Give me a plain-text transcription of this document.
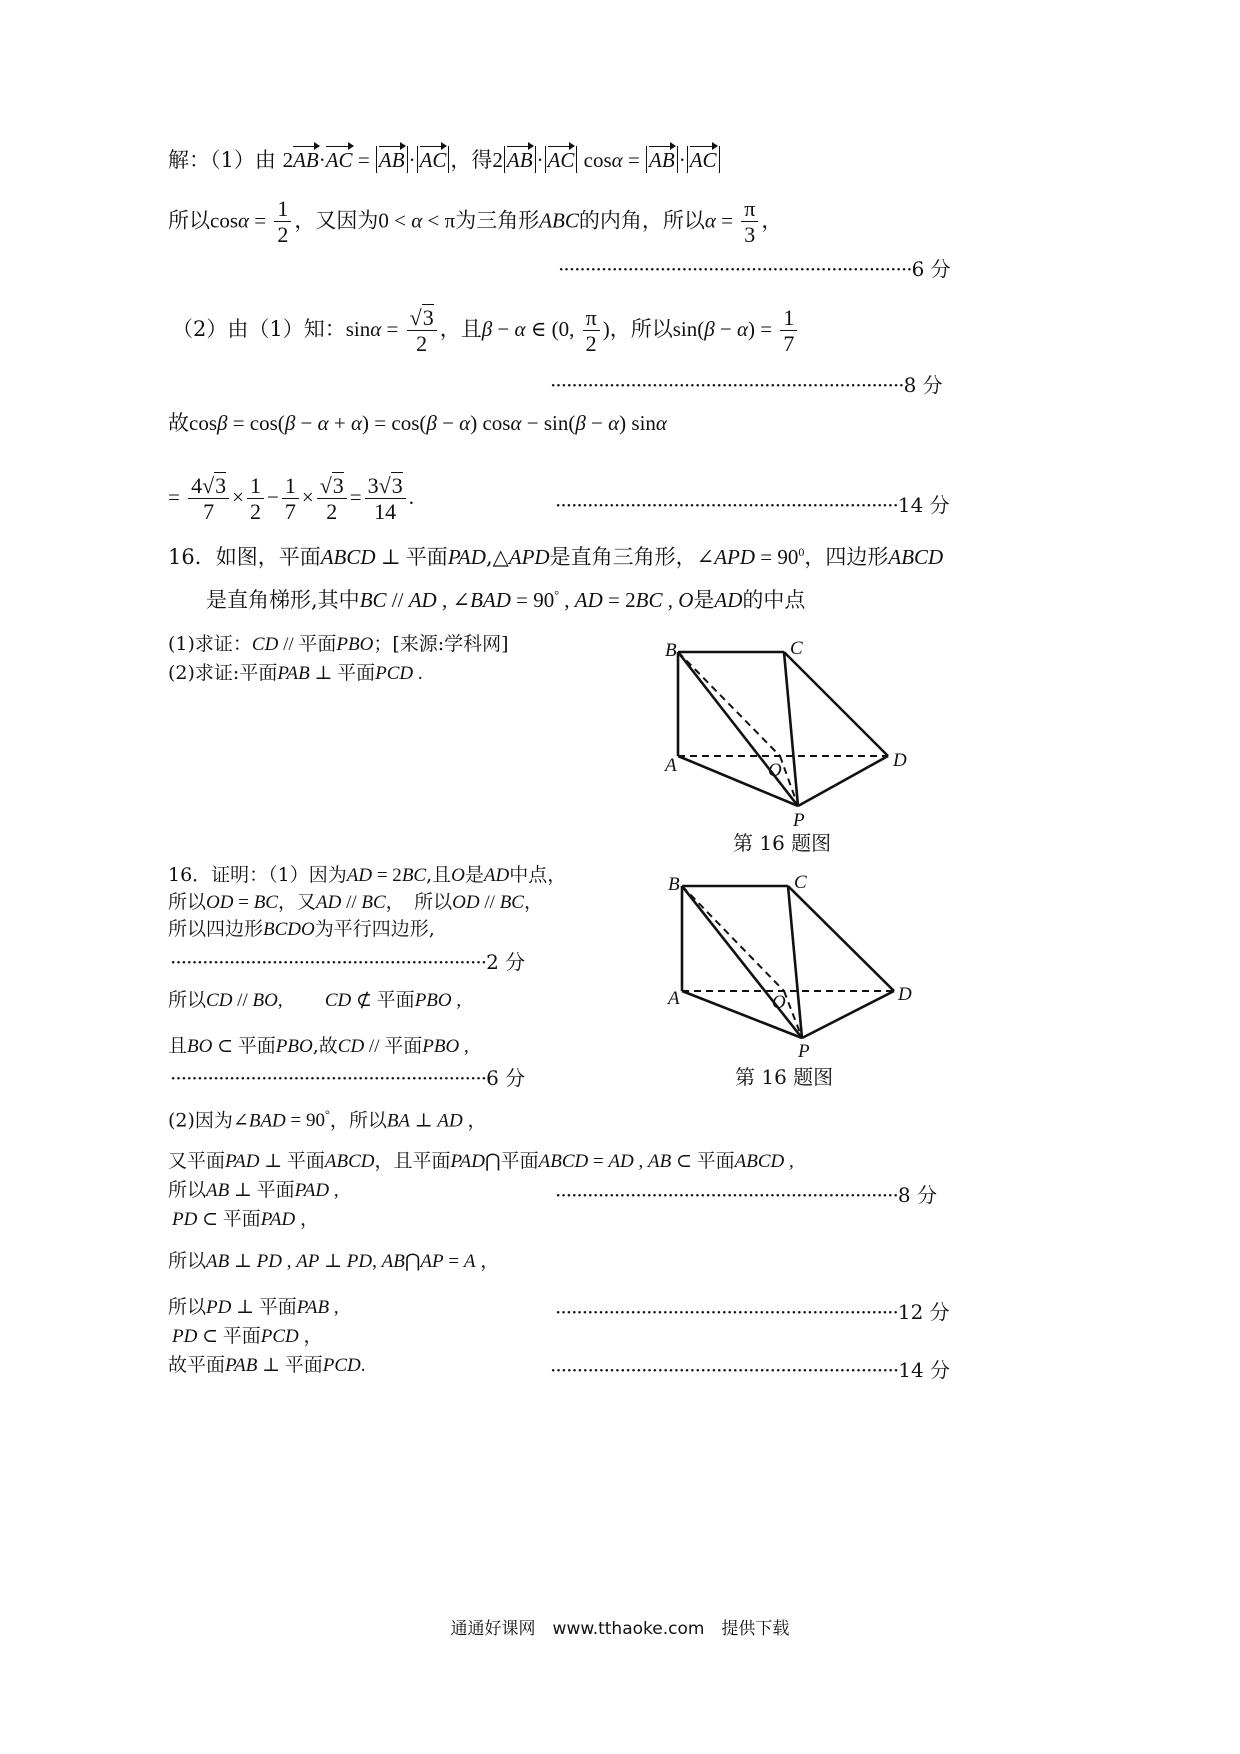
解：（1）由 2AB·AC = AB · AC ，得2 AB · AC cosα = AB · AC
所以$\cos\alpha = \frac{1}{2}$ ，又因为0 < α < π为三角形ABC的内角，所以$\alpha = \frac{\pi}{3}$ ，
··································································6 分
（2）由（1）知：$\sin\alpha = \frac{√3}{2}$ ，且β − α ∈ (0, $\frac{\pi}{2}$ )，所以$\sin(\beta - \alpha) = \frac{1}{7}$
··································································8 分
故cosβ = cos(β − α + α) = cos(β − α) cosα − sin(β − α) sinα
= $\frac{4√3}{7} \times \frac{1}{2} - \frac{1}{7} \times \frac{√3}{2} = \frac{3√3}{14}$ .	································································14 分
16．如图，平面ABCD ⊥ 平面PAD,△APD是直角三角形，∠APD = $90^0$，四边形ABCD
是直角梯形,其中BC // AD , ∠BAD = 90° , AD = 2BC , O是AD的中点
(1)求证：CD // 平面PBO；[来源:学科网]
(2)求证:平面PAB ⊥ 平面PCD .
B	C
A	O	D
P
第 16 题图
16．证明：（1）因为AD = 2BC,且O是AD中点，
所以OD = BC，又AD // BC，　所以OD // BC，
所以四边形BCDO为平行四边形,
···························································2 分
所以CD // BO, CD ⊄ 平面PBO ,
且BO ⊂ 平面PBO,故CD // 平面PBO ,
···························································6 分
B	C
A	O	D
P
第 16 题图
(2)因为∠BAD = 90°，所以BA ⊥ AD ，
又平面PAD ⊥ 平面ABCD，且平面PAD⋂平面ABCD = AD , AB ⊂ 平面ABCD ,
所以AB ⊥ 平面PAD ,	································································8 分
PD ⊂ 平面PAD ，
所以AB ⊥ PD , AP ⊥ PD, AB⋂AP = A ，
所以PD ⊥ 平面PAB ,	································································12 分
PD ⊂ 平面PCD ，
故平面PAB ⊥ 平面PCD.	·································································14 分
通通好课网　www.tthaoke.com　提供下载
